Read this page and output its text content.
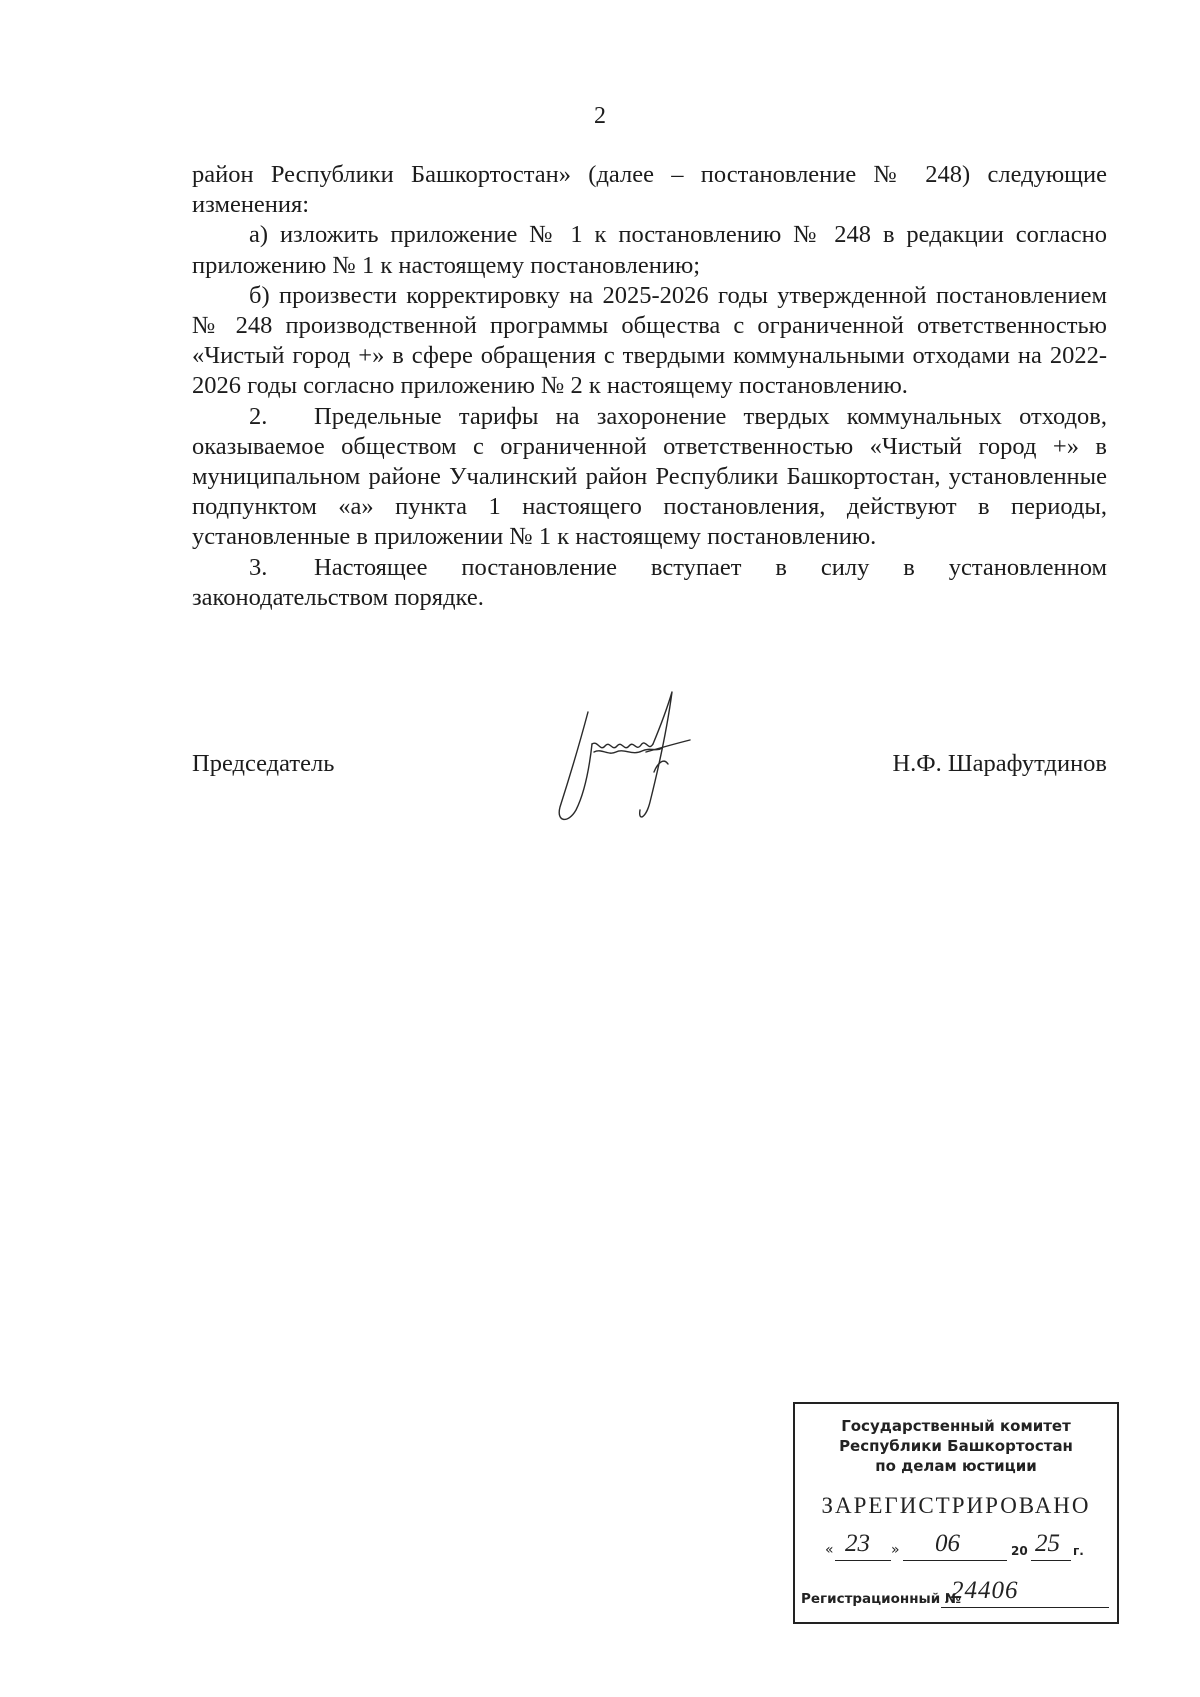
2

район Республики Башкортостан» (далее – постановление № 248) следующие изменения:

а) изложить приложение № 1 к постановлению № 248 в редакции согласно приложению № 1 к настоящему постановлению;

б) произвести корректировку на 2025-2026 годы утвержденной постановлением № 248 производственной программы общества с ограниченной ответственностью «Чистый город +» в сфере обращения с твердыми коммунальными отходами на 2022-2026 годы согласно приложению № 2 к настоящему постановлению.

2. Предельные тарифы на захоронение твердых коммунальных отходов, оказываемое обществом с ограниченной ответственностью «Чистый город +» в муниципальном районе Учалинский район Республики Башкортостан, установленные подпунктом «а» пункта 1 настоящего постановления, действуют в периоды, установленные в приложении № 1 к настоящему постановлению.

3. Настоящее постановление вступает в силу в установленном законодательством порядке.

Председатель	Н.Ф. Шарафутдинов
Государственный комитет
Республики Башкортостан
по делам юстиции
ЗАРЕГИСТРИРОВАНО
« 23 » 06	20 25 г.
Регистрационный №
24406
